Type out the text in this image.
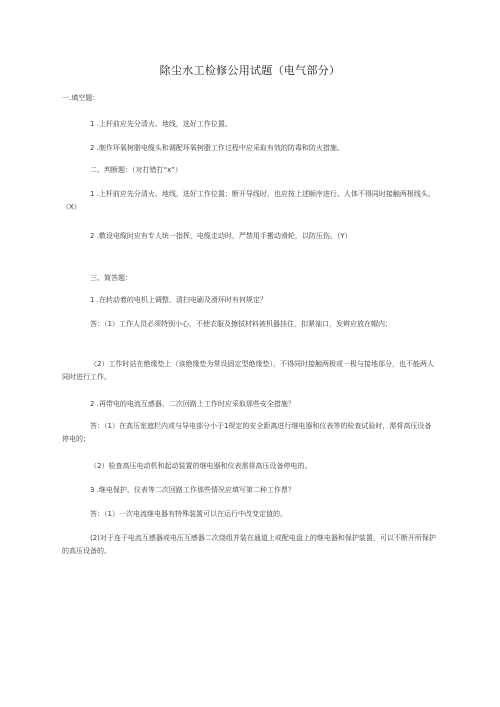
除尘水工检修公用试题（电气部分）
一.填空题：
1 .上杆前应先分清火、地线，选好工作位置。
2 .制作环氧树脂电缆头和调配环氧树脂工作过程中应采取有效的防毒和防火措施。
二、判断题：（对打错打“x”）
1 .上杆前应先分清火、地线，选好工作位置；断开导线时，也应按上述顺序进行。人体不得同时接触两根线头。（X）
2 .敷设电缆时应有专人统一指挥，电缆走动时，严禁用手搬动滑轮，以防压伤。（Y）
三、简答题：
1 .在转动着的电机上调整、清扫电刷及滑环时有何规定？
答：（1）工作人员必须特别小心，不使衣服及擦拭材料被机器挂住，扣紧袖口，发辫应放在帽内；
（2）工作时站在绝缘垫上（该绝缘垫为常设固定型绝缘垫），不得同时接触两极或一极与接地部分，也不能两人同时进行工作。
2 .再带电的电流互感器、二次回路上工作时应采取那些安全措施？
答：（1）在高压室遮栏内或与导电部分小于1规定的安全距离进行继电器和仪表等的检查试验时，需将高压设备停电的；
（2）检查高压电动机和起动装置的继电器和仪表需将高压设备停电的。
3 .继电保护、仪表等二次回路工作那些情况应填写第二种工作票？
答：（1）一次电流继电器有特殊装置可以在运行中改变定值的。
(2)对于连于电流互感器或电压互感器二次绕组并装在通道上或配电盘上的继电器和保护装置，可以不断开所保护的高压设备的。
